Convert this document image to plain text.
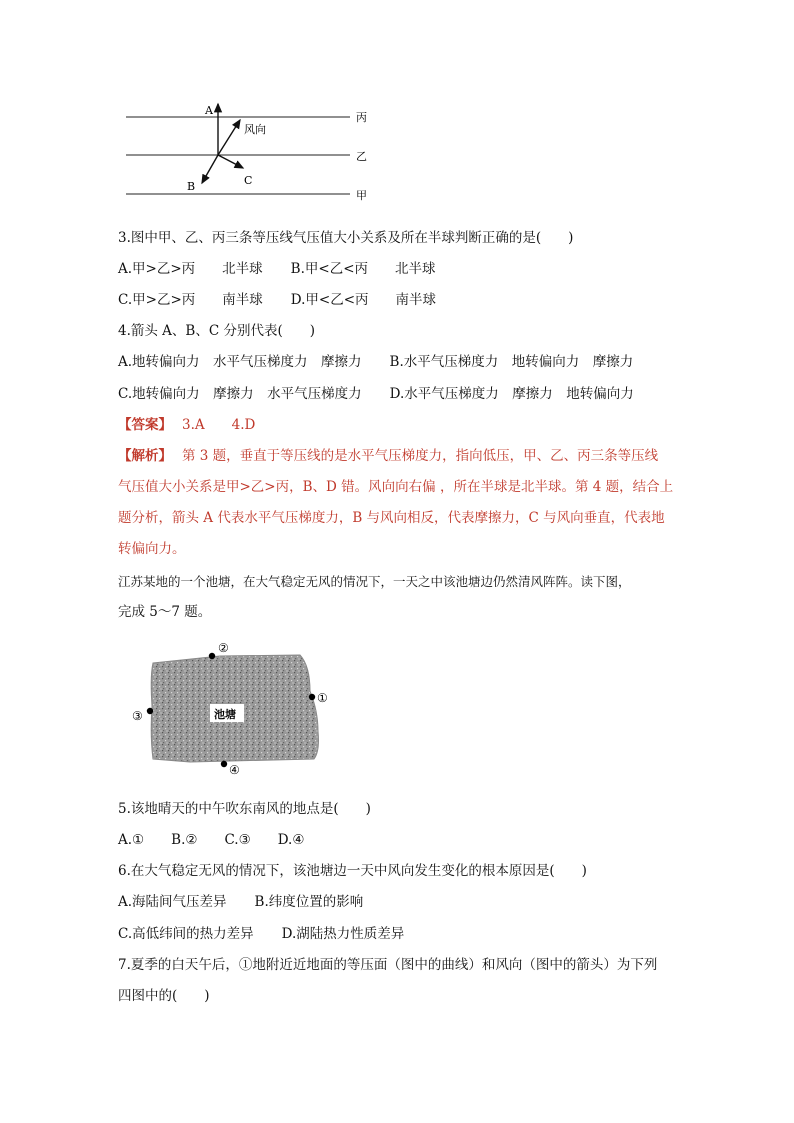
A
风向
B	C
丙
乙
甲
3.图中甲、乙、丙三条等压线气压值大小关系及所在半球判断正确的是(　　)
A.甲>乙>丙　　北半球 B.甲<乙<丙　　北半球
C.甲>乙>丙　　南半球 D.甲<乙<丙　　南半球
4.箭头 A、B、C 分别代表(　　)
A.地转偏向力　水平气压梯度力　摩擦力 B.水平气压梯度力　地转偏向力　摩擦力
C.地转偏向力　摩擦力　水平气压梯度力 D.水平气压梯度力　摩擦力　地转偏向力
【答案】 3.A　　4.D
【解析】 第 3 题，垂直于等压线的是水平气压梯度力，指向低压，甲、乙、丙三条等压线
气压值大小关系是甲>乙>丙，B、D 错。风向向右偏 ，所在半球是北半球。第 4 题，结合上
题分析，箭头 A 代表水平气压梯度力，B 与风向相反，代表摩擦力，C 与风向垂直，代表地
转偏向力。
江苏某地的一个池塘，在大气稳定无风的情况下，一天之中该池塘边仍然清风阵阵。读下图，
完成 5～7 题。
池塘
②
①
③
④
5.该地晴天的中午吹东南风的地点是(　　)
A.①　　B.②　　C.③　　D.④
6.在大气稳定无风的情况下，该池塘边一天中风向发生变化的根本原因是(　　)
A.海陆间气压差异 B.纬度位置的影响
C.高低纬间的热力差异 D.湖陆热力性质差异
7.夏季的白天午后，①地附近近地面的等压面（图中的曲线）和风向（图中的箭头）为下列
四图中的(　　)
